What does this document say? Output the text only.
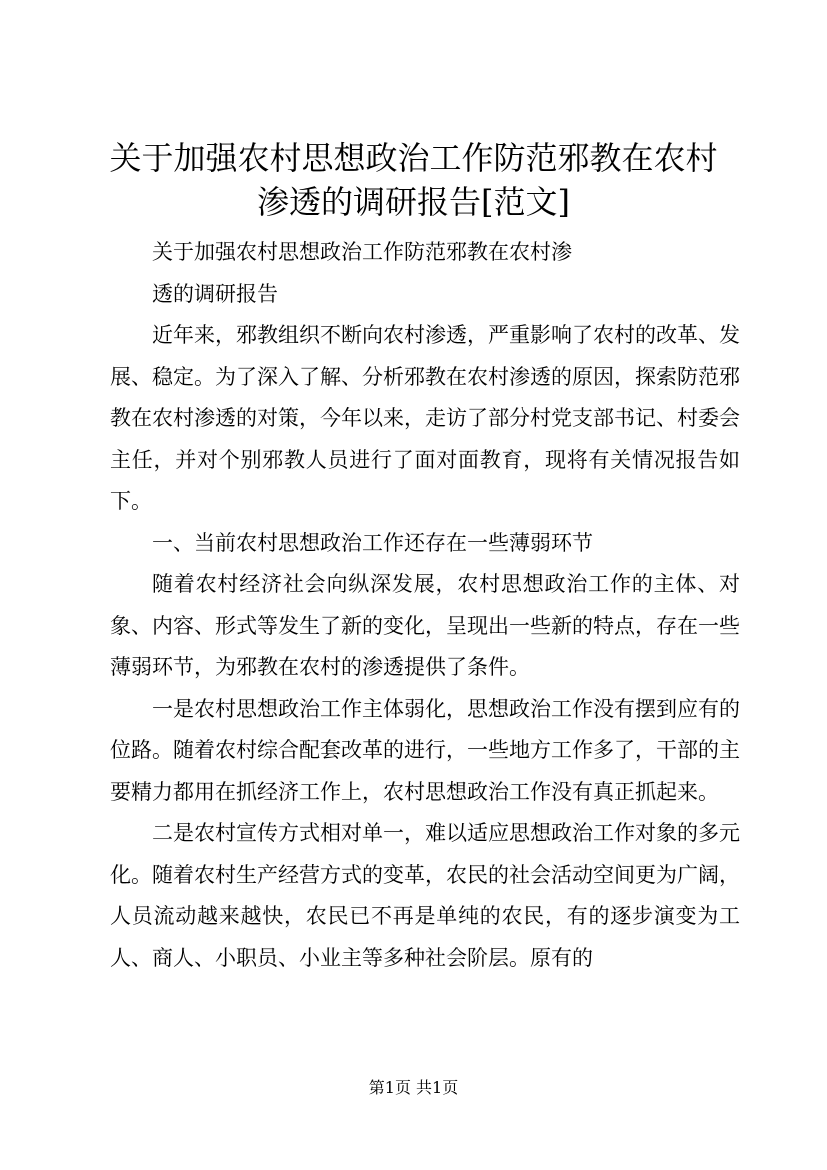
关于加强农村思想政治工作防范邪教在农村渗透的调研报告[范文]

关于加强农村思想政治工作防范邪教在农村渗

透的调研报告

近年来，邪教组织不断向农村渗透，严重影响了农村的改革、发展、稳定。为了深入了解、分析邪教在农村渗透的原因，探索防范邪教在农村渗透的对策，今年以来，走访了部分村党支部书记、村委会主任，并对个别邪教人员进行了面对面教育，现将有关情况报告如下。

一、当前农村思想政治工作还存在一些薄弱环节

随着农村经济社会向纵深发展，农村思想政治工作的主体、对象、内容、形式等发生了新的变化，呈现出一些新的特点，存在一些薄弱环节，为邪教在农村的渗透提供了条件。

一是农村思想政治工作主体弱化，思想政治工作没有摆到应有的位路。随着农村综合配套改革的进行，一些地方工作多了，干部的主要精力都用在抓经济工作上，农村思想政治工作没有真正抓起来。

二是农村宣传方式相对单一，难以适应思想政治工作对象的多元化。随着农村生产经营方式的变革，农民的社会活动空间更为广阔，人员流动越来越快，农民已不再是单纯的农民，有的逐步演变为工人、商人、小职员、小业主等多种社会阶层。原有的

第1页 共1页
